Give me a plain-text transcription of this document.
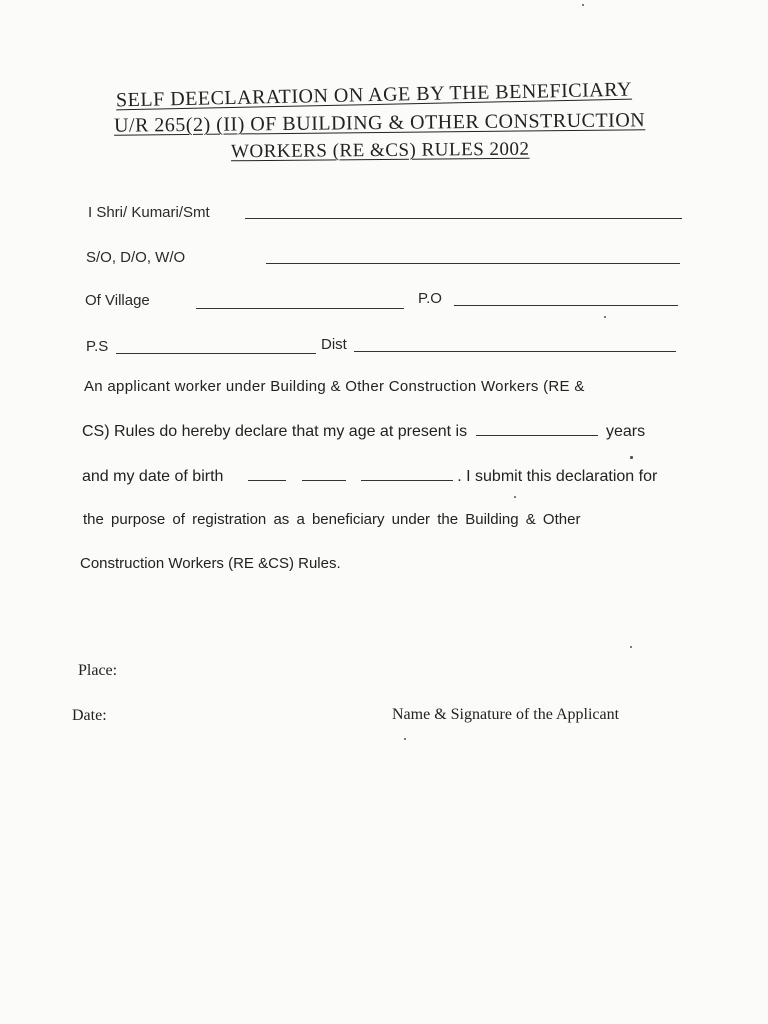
SELF DEECLARATION ON AGE BY THE BENEFICIARY
U/R 265(2) (II) OF BUILDING & OTHER CONSTRUCTION
WORKERS (RE &CS) RULES 2002
I Shri/ Kumari/Smt
S/O, D/O, W/O
Of Village	P.O
P.S	Dist
An applicant worker under Building & Other Construction Workers (RE &
CS) Rules do hereby declare that my age at present is	years
and my date of birth	. I submit this declaration for
the purpose of registration as a beneficiary under the Building & Other
Construction Workers (RE &CS) Rules.
Place:
Date:	Name & Signature of the Applicant
